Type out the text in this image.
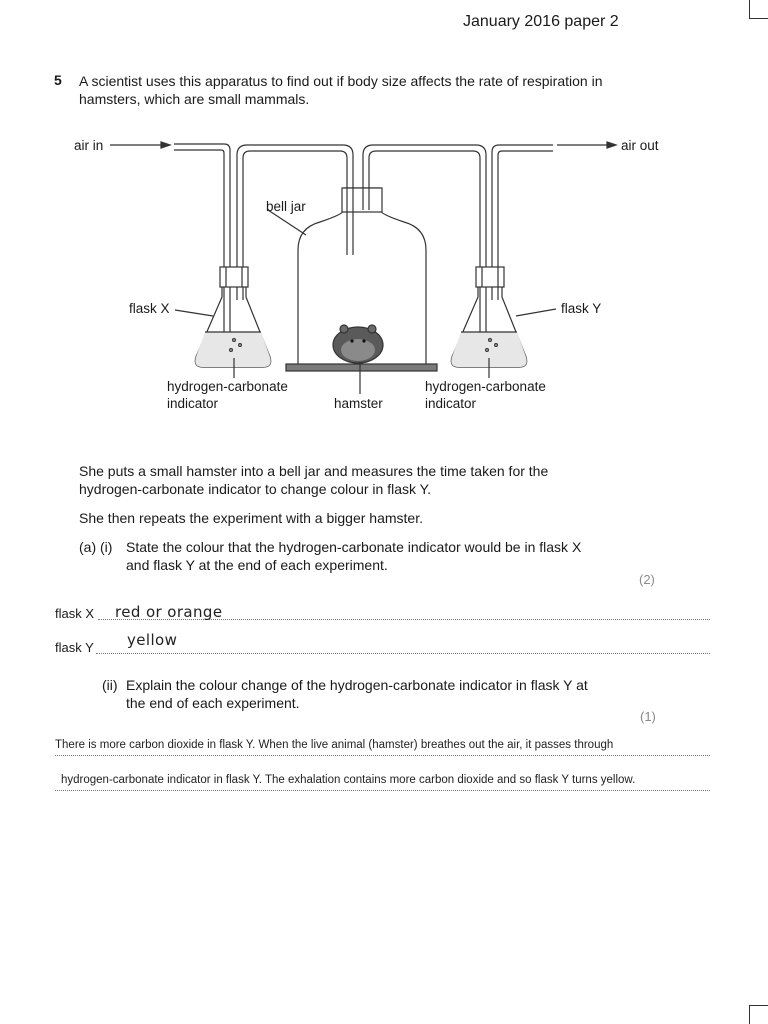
January 2016 paper 2
5 A scientist uses this apparatus to find out if body size affects the rate of respiration in
hamsters, which are small mammals.
air in	air out
bell jar
flask X	flask Y
hydrogen-carbonate
indicator	hamster
hydrogen-carbonate
indicator
She puts a small hamster into a bell jar and measures the time taken for the
hydrogen-carbonate indicator to change colour in flask Y.
She then repeats the experiment with a bigger hamster.
(a) (i) State the colour that the hydrogen-carbonate indicator would be in flask X
and flask Y at the end of each experiment.
(2)
flask X red or orange
flask Y yellow
(ii) Explain the colour change of the hydrogen-carbonate indicator in flask Y at
the end of each experiment.
(1)
There is more carbon dioxide in flask Y. When the live animal (hamster) breathes out the air, it passes through
hydrogen-carbonate indicator in flask Y. The exhalation contains more carbon dioxide and so flask Y turns yellow.
